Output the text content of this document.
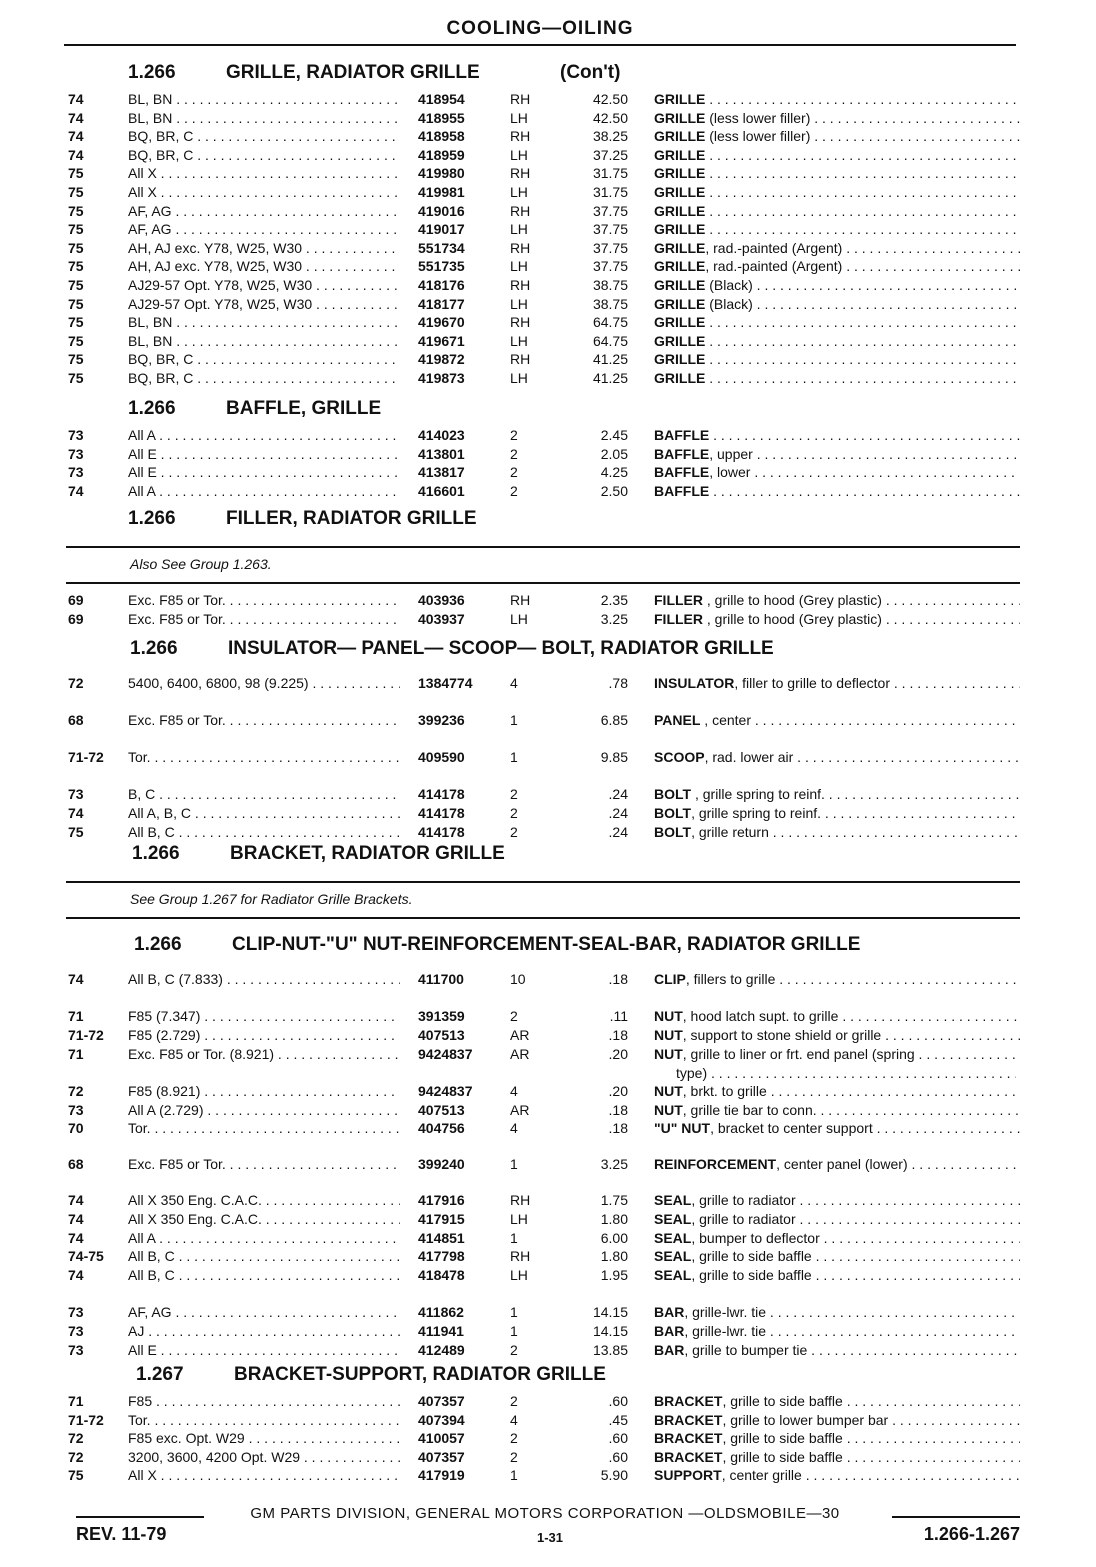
COOLING—OILING
1.266	GRILLE, RADIATOR GRILLE	(Con't)
74	BL, BN . . .	418954	RH	42.50 GRILLE . . .
74	BL, BN . . .	418955	LH	42.50 GRILLE (less lower filler) . . .
74	BQ, BR, C . . .	418958	RH	38.25 GRILLE (less lower filler) . . .
74	BQ, BR, C . . .	418959	LH	37.25 GRILLE . . .
75	All X . . .	419980	RH	31.75 GRILLE . . .
75	All X . . .	419981	LH	31.75 GRILLE . . .
75	AF, AG . . .	419016	RH	37.75 GRILLE . . .
75	AF, AG . . .	419017	LH	37.75 GRILLE . . .
75	AH, AJ exc. Y78, W25, W30 . . .	551734	RH	37.75 GRILLE, rad.-painted (Argent) . . .
75	AH, AJ exc. Y78, W25, W30 . . .	551735	LH	37.75 GRILLE, rad.-painted (Argent) . . .
75	AJ29-57 Opt. Y78, W25, W30 . . .	418176	RH	38.75 GRILLE (Black) . . .
75	AJ29-57 Opt. Y78, W25, W30 . . .	418177	LH	38.75 GRILLE (Black) . . .
75	BL, BN . . .	419670	RH	64.75 GRILLE . . .
75	BL, BN . . .	419671	LH	64.75 GRILLE . . .
75	BQ, BR, C . . .	419872	RH	41.25 GRILLE . . .
75	BQ, BR, C . . .	419873	LH	41.25 GRILLE . . .
1.266	BAFFLE, GRILLE
73	All A . . .	414023	2	2.45 BAFFLE . . .
73	All E . . .	413801	2	2.05 BAFFLE, upper . . .
73	All E . . .	413817	2	4.25 BAFFLE, lower . . .
74	All A . . .	416601	2	2.50 BAFFLE . . .
1.266	FILLER, RADIATOR GRILLE
Also See Group 1.263.
69	Exc. F85 or Tor. . . .	403936	RH	2.35 FILLER , grille to hood (Grey plastic) . . .
69	Exc. F85 or Tor. . . .	403937	LH	3.25 FILLER , grille to hood (Grey plastic) . . .
1.266	INSULATOR— PANEL— SCOOP— BOLT, RADIATOR GRILLE
72	5400, 6400, 6800, 98 (9.225) . . .	1384774	4	.78 INSULATOR, filler to grille to deflector . . .
68	Exc. F85 or Tor. . . .	399236	1	6.85 PANEL , center . . .
71-72	Tor. . . .	409590	1	9.85 SCOOP, rad. lower air . . .
73	B, C . . .	414178	2	.24 BOLT , grille spring to reinf. . . .
74	All A, B, C . . .	414178	2	.24 BOLT, grille spring to reinf. . . .
75	All B, C . . .	414178	2	.24 BOLT, grille return . . .
1.266	BRACKET, RADIATOR GRILLE
See Group 1.267 for Radiator Grille Brackets.
1.266	CLIP-NUT-"U" NUT-REINFORCEMENT-SEAL-BAR, RADIATOR GRILLE
74	All B, C (7.833) . . .	411700	10	.18 CLIP, fillers to grille . . .
71	F85 (7.347) . . .	391359	2	.11 NUT, hood latch supt. to grille . . .
71-72	F85 (2.729) . . .	407513	AR	.18 NUT, support to stone shield or grille . . .
71	Exc. F85 or Tor. (8.921) . . .	9424837	AR	.20 NUT, grille to liner or frt. end panel (spring . . .
type) . . .
72	F85 (8.921) . . .	9424837	4	.20 NUT, brkt. to grille . . .
73	All A (2.729) . . .	407513	AR	.18 NUT, grille tie bar to conn. . . .
70	Tor. . . .	404756	4	.18 "U" NUT, bracket to center support . . .
68	Exc. F85 or Tor. . . .	399240	1	3.25 REINFORCEMENT, center panel (lower) . . .
74	All X 350 Eng. C.A.C. . . .	417916	RH	1.75 SEAL, grille to radiator . . .
74	All X 350 Eng. C.A.C. . . .	417915	LH	1.80 SEAL, grille to radiator . . .
74	All A . . .	414851	1	6.00 SEAL, bumper to deflector . . .
74-75	All B, C . . .	417798	RH	1.80 SEAL, grille to side baffle . . .
74	All B, C . . .	418478	LH	1.95 SEAL, grille to side baffle . . .
73	AF, AG . . .	411862	1	14.15 BAR, grille-lwr. tie . . .
73	AJ . . .	411941	1	14.15 BAR, grille-lwr. tie . . .
73	All E . . .	412489	2	13.85 BAR, grille to bumper tie . . .
1.267	BRACKET-SUPPORT, RADIATOR GRILLE
71	F85 . . .	407357	2	.60 BRACKET, grille to side baffle . . .
71-72	Tor. . . .	407394	4	.45 BRACKET, grille to lower bumper bar . . .
72	F85 exc. Opt. W29 . . .	410057	2	.60 BRACKET, grille to side baffle . . .
72	3200, 3600, 4200 Opt. W29 . . .	407357	2	.60 BRACKET, grille to side baffle . . .
75	All X . . .	417919	1	5.90 SUPPORT, center grille . . .
GM PARTS DIVISION, GENERAL MOTORS CORPORATION —OLDSMOBILE—30
REV. 11-79	1-31	1.266-1.267
